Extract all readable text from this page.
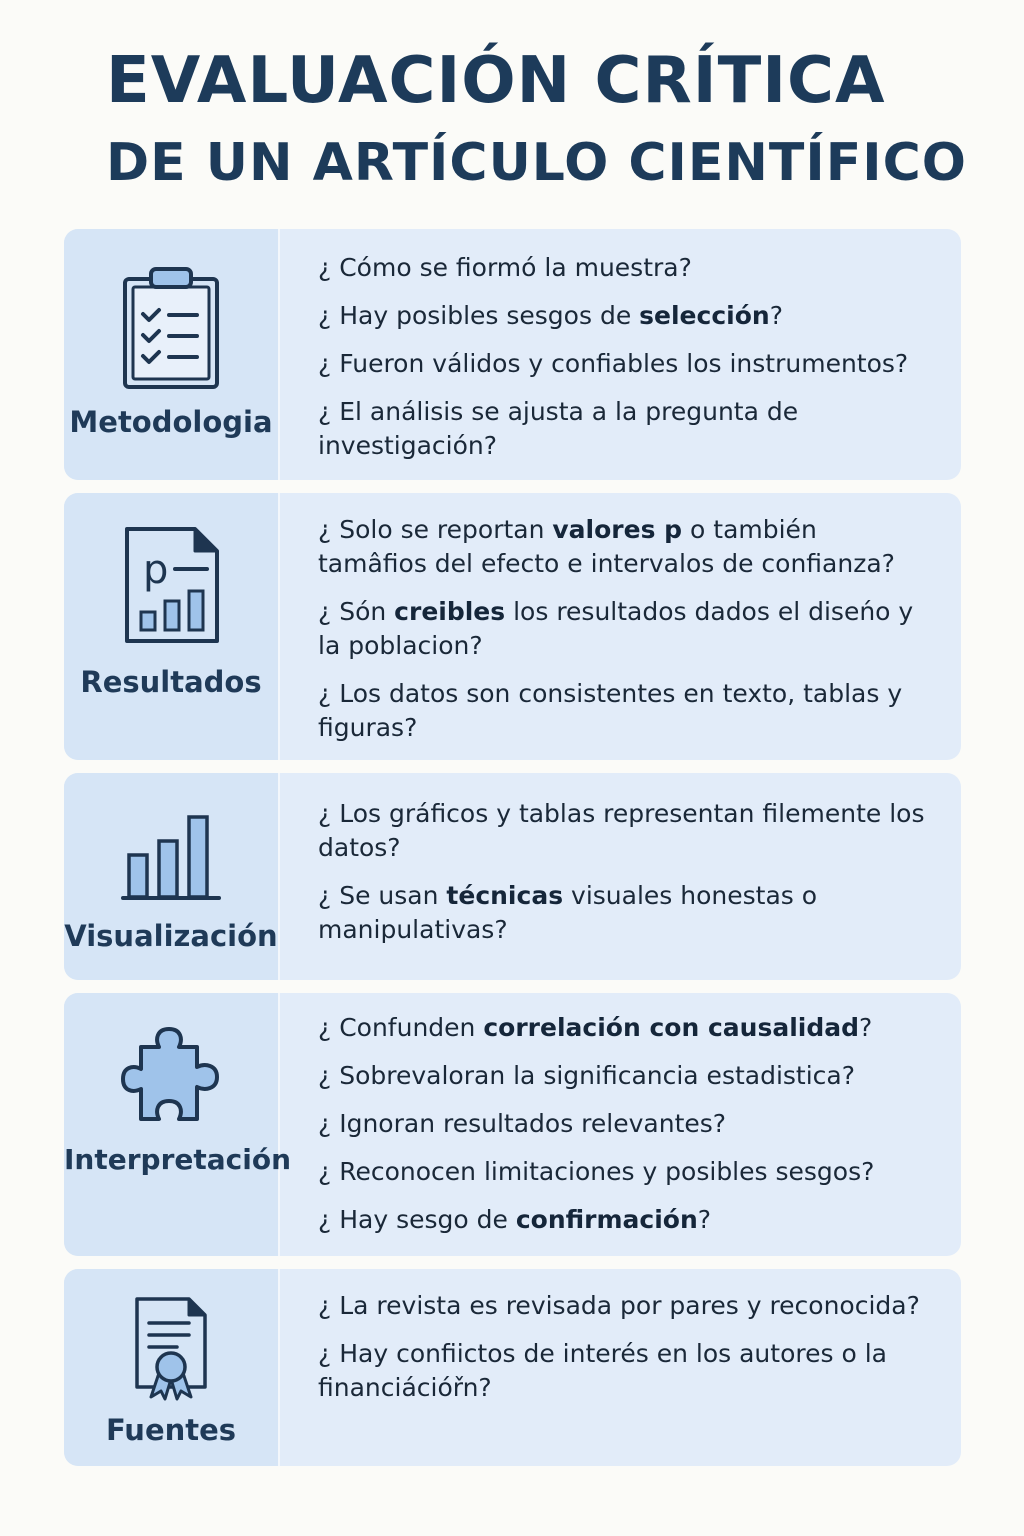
EVALUACIÓN CRÍTICA
DE UN ARTÍCULO CIENTÍFICO
Metodologia
¿ Cómo se fiormó la muestra?
¿ Hay posibles sesgos de selección?
¿ Fueron válidos y confiables los instrumentos?
¿ El análisis se ajusta a la pregunta de investigación?
p
Resultados
¿ Solo se reportan valores p o también tamâfios del efecto e intervalos de confianza?
¿ Són creibles los resultados dados el diseńo y la poblacion?
¿ Los datos son consistentes en texto, tablas y figuras?
Visualización
¿ Los gráficos y tablas representan filemente los datos?
¿ Se usan técnicas visuales honestas o manipulativas?
Interpretación
¿ Confunden correlación con causalidad?
¿ Sobrevaloran la significancia estadistica?
¿ Ignoran resultados relevantes?
¿ Reconocen limitaciones y posibles sesgos?
¿ Hay sesgo de confirmación?
Fuentes
¿ La revista es revisada por pares y reconocida?
¿ Hay confiictos de interés en los autores o la financiációřn?
